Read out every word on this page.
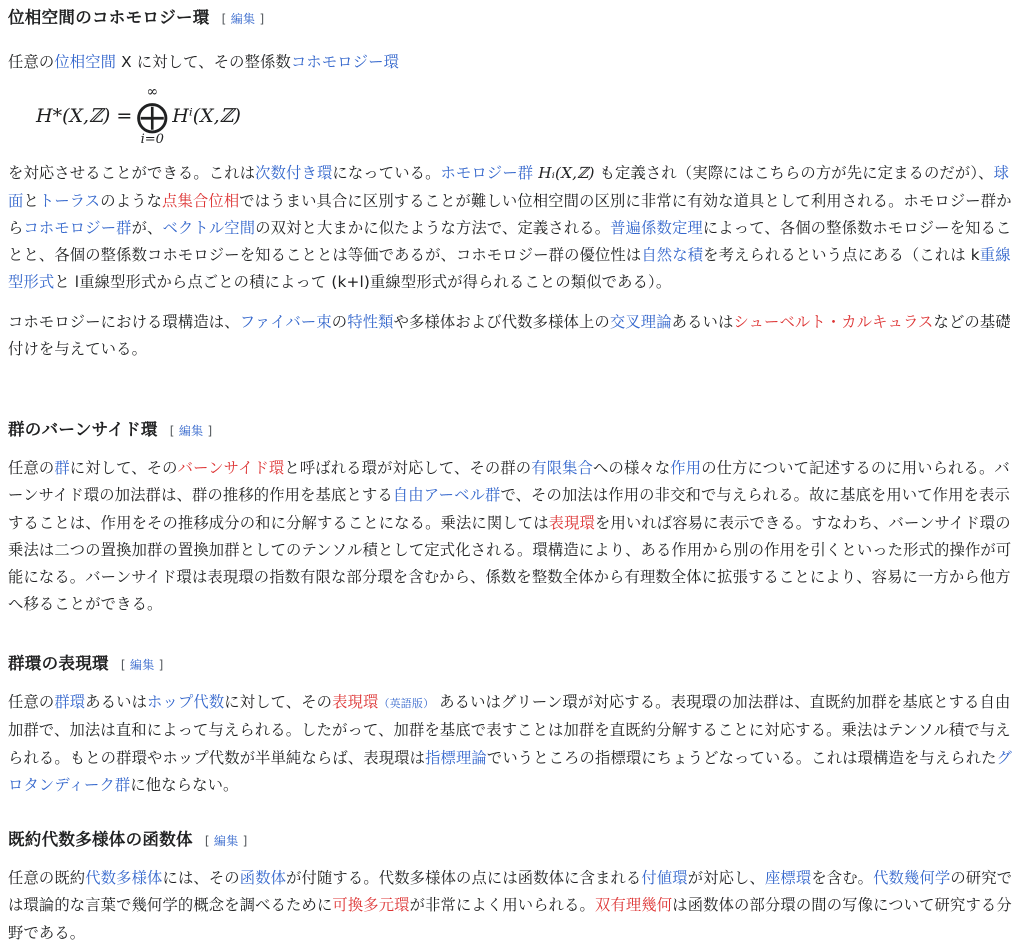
位相空間のコホモロジー環 [ 編集 ]

任意の位相空間 X に対して、その整係数コホモロジー環

H*(X,ℤ) =
∞
⨁
i=0
Hⁱ(X,ℤ)

を対応させることができる。これは次数付き環になっている。ホモロジー群 Hᵢ(X,ℤ) も定義され（実際にはこちらの方が先に定まるのだが）、球面とトーラスのような点集合位相ではうまい具合に区別することが難しい位相空間の区別に非常に有効な道具として利用される。ホモロジー群からコホモロジー群が、ベクトル空間の双対と大まかに似たような方法で、定義される。普遍係数定理によって、各個の整係数ホモロジーを知ることと、各個の整係数コホモロジーを知ることとは等価であるが、コホモロジー群の優位性は自然な積を考えられるという点にある（これは k重線型形式と l重線型形式から点ごとの積によって (k+l)重線型形式が得られることの類似である）。

コホモロジーにおける環構造は、ファイバー束の特性類や多様体および代数多様体上の交叉理論あるいはシューベルト・カルキュラスなどの基礎付けを与えている。

群のバーンサイド環 [ 編集 ]

任意の群に対して、そのバーンサイド環と呼ばれる環が対応して、その群の有限集合への様々な作用の仕方について記述するのに用いられる。バーンサイド環の加法群は、群の推移的作用を基底とする自由アーベル群で、その加法は作用の非交和で与えられる。故に基底を用いて作用を表示することは、作用をその推移成分の和に分解することになる。乗法に関しては表現環を用いれば容易に表示できる。すなわち、バーンサイド環の乗法は二つの置換加群の置換加群としてのテンソル積として定式化される。環構造により、ある作用から別の作用を引くといった形式的操作が可能になる。バーンサイド環は表現環の指数有限な部分環を含むから、係数を整数全体から有理数全体に拡張することにより、容易に一方から他方へ移ることができる。

群環の表現環 [ 編集 ]

任意の群環あるいはホップ代数に対して、その表現環（英語版） あるいはグリーン環が対応する。表現環の加法群は、直既約加群を基底とする自由加群で、加法は直和によって与えられる。したがって、加群を基底で表すことは加群を直既約分解することに対応する。乗法はテンソル積で与えられる。もとの群環やホップ代数が半単純ならば、表現環は指標理論でいうところの指標環にちょうどなっている。これは環構造を与えられたグロタンディーク群に他ならない。

既約代数多様体の函数体 [ 編集 ]

任意の既約代数多様体には、その函数体が付随する。代数多様体の点には函数体に含まれる付値環が対応し、座標環を含む。代数幾何学の研究では環論的な言葉で幾何学的概念を調べるために可換多元環が非常によく用いられる。双有理幾何は函数体の部分環の間の写像について研究する分野である。
